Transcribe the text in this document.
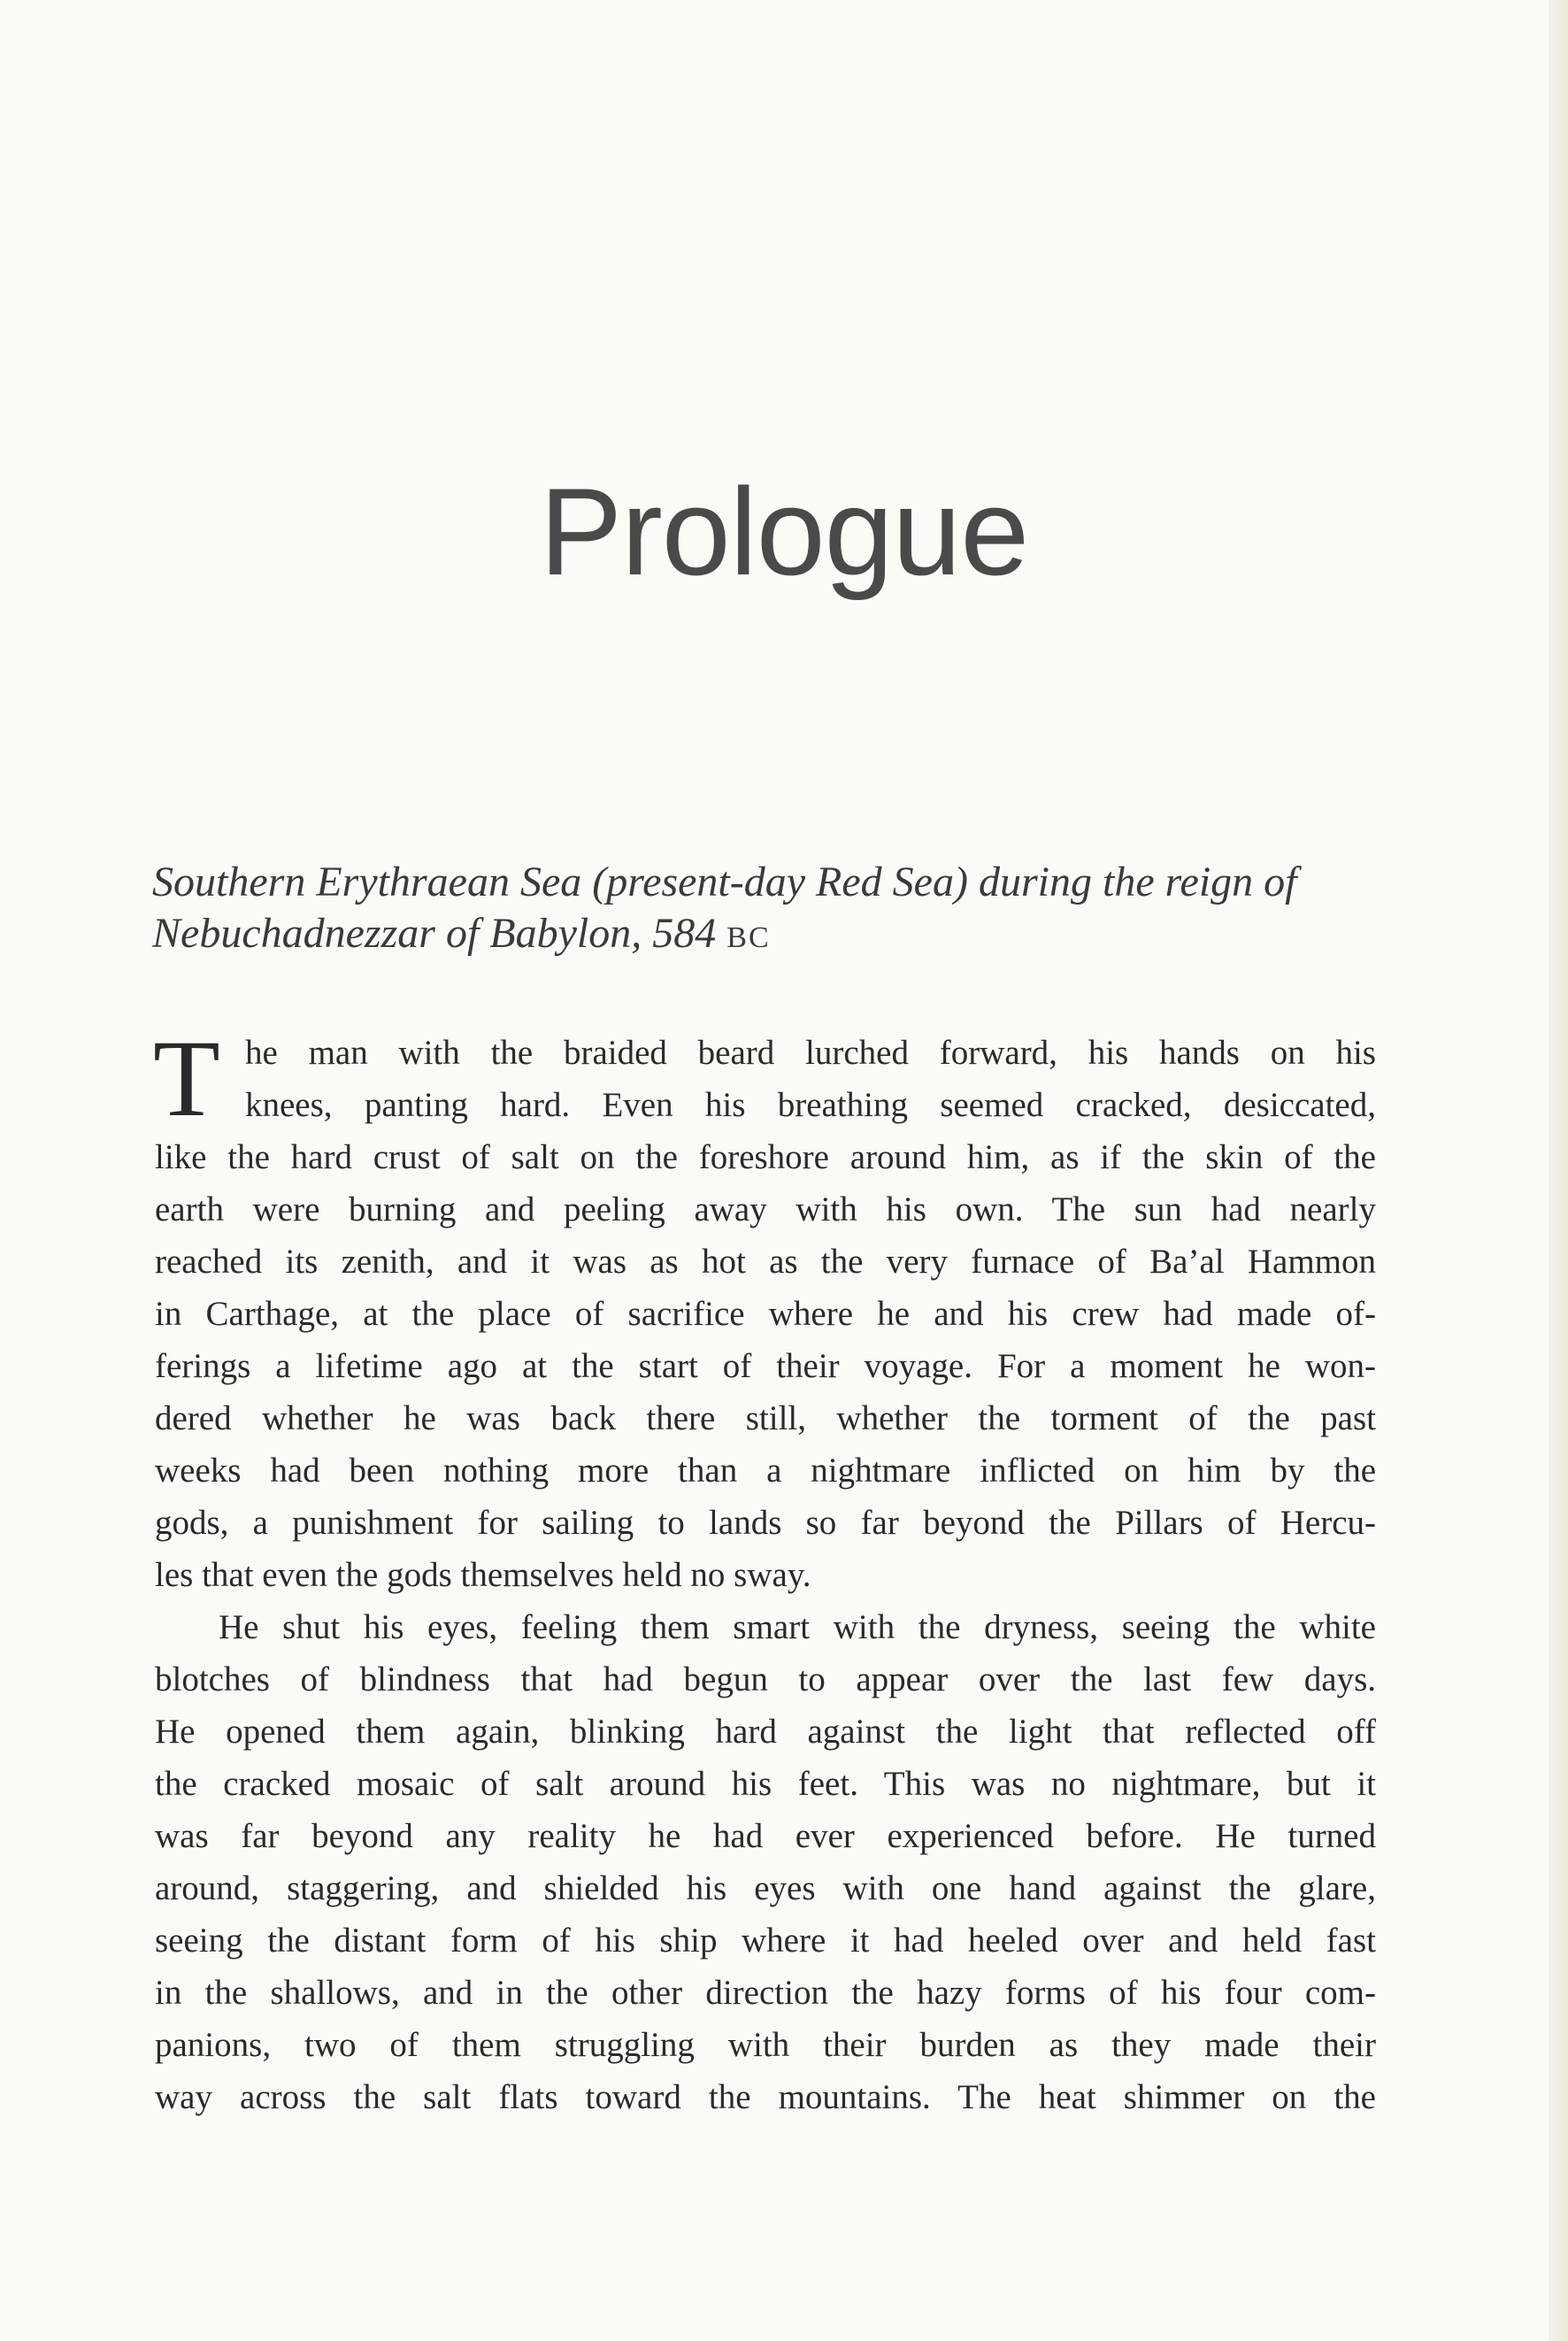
Prologue

Southern Erythraean Sea (present-day Red Sea) during the reign of
Nebuchadnezzar of Babylon, 584 BC

T he man with the braided beard lurched forward, his hands on his
knees, panting hard. Even his breathing seemed cracked, desiccated,
like the hard crust of salt on the foreshore around him, as if the skin of the
earth were burning and peeling away with his own. The sun had nearly
reached its zenith, and it was as hot as the very furnace of Ba’al Hammon
in Carthage, at the place of sacrifice where he and his crew had made of-
ferings a lifetime ago at the start of their voyage. For a moment he won-
dered whether he was back there still, whether the torment of the past
weeks had been nothing more than a nightmare inflicted on him by the
gods, a punishment for sailing to lands so far beyond the Pillars of Hercu-
les that even the gods themselves held no sway.
He shut his eyes, feeling them smart with the dryness, seeing the white
blotches of blindness that had begun to appear over the last few days.
He opened them again, blinking hard against the light that reflected off
the cracked mosaic of salt around his feet. This was no nightmare, but it
was far beyond any reality he had ever experienced before. He turned
around, staggering, and shielded his eyes with one hand against the glare,
seeing the distant form of his ship where it had heeled over and held fast
in the shallows, and in the other direction the hazy forms of his four com-
panions, two of them struggling with their burden as they made their
way across the salt flats toward the mountains. The heat shimmer on the
